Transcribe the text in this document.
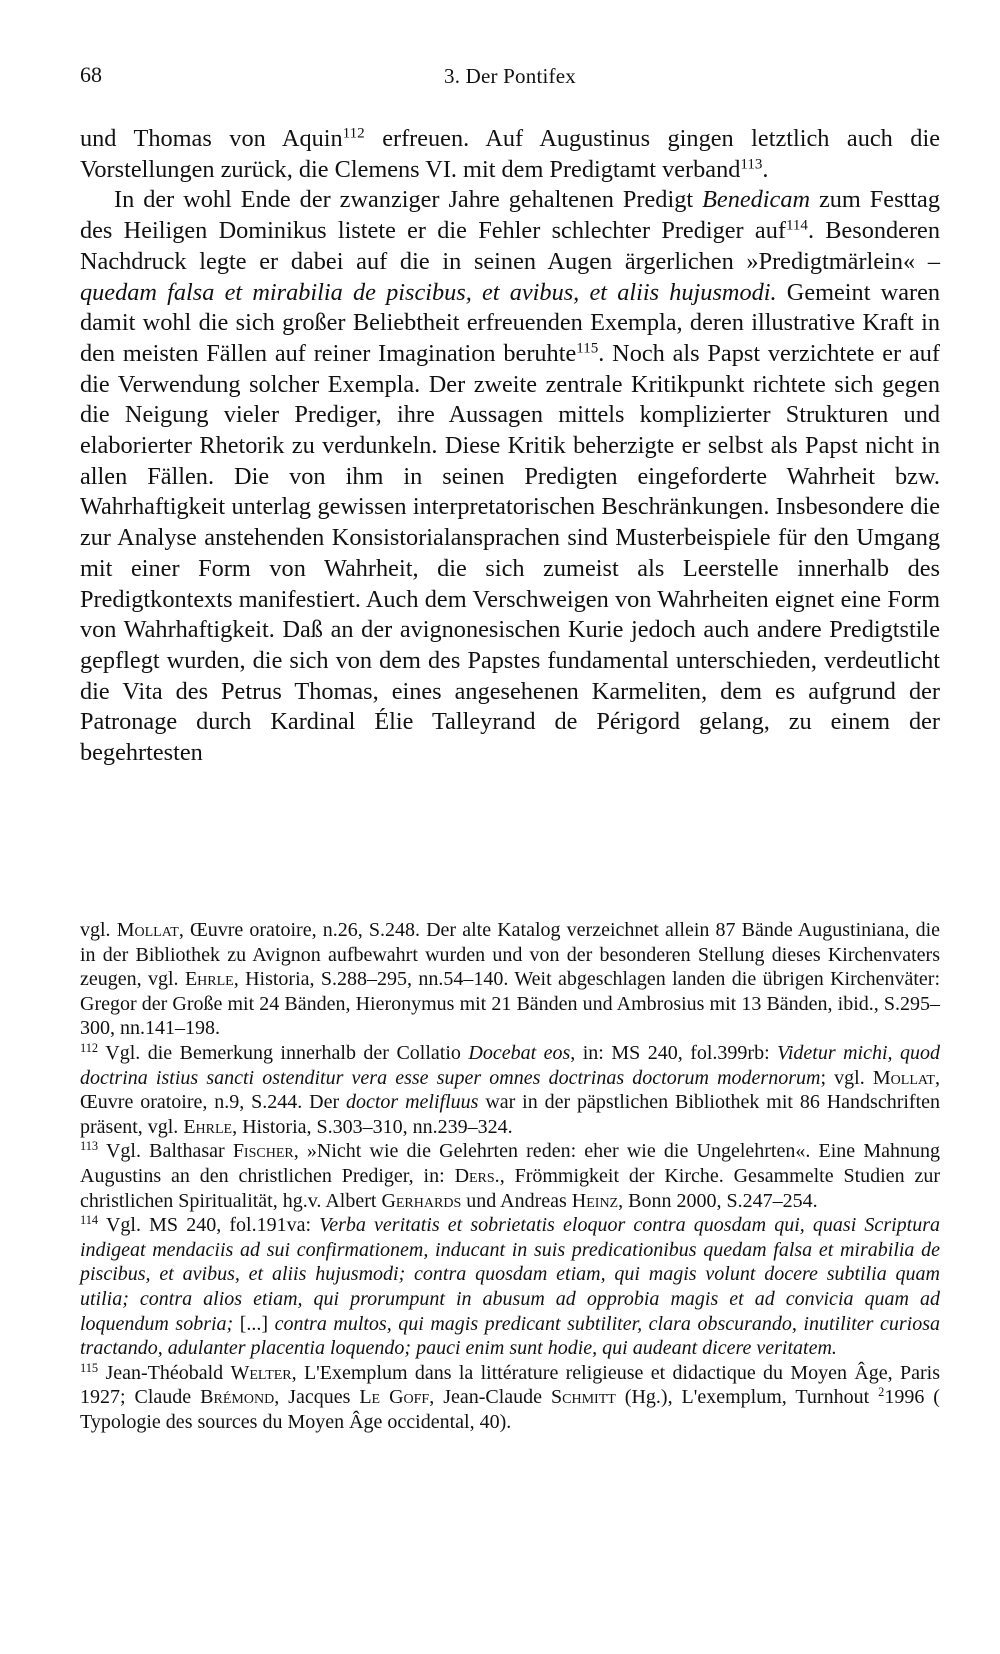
68	3. Der Pontifex

und Thomas von Aquin$^{112}$ erfreuen. Auf Augustinus gingen letztlich auch die Vorstellungen zurück, die Clemens VI. mit dem Predigtamt verband$^{113}$.

In der wohl Ende der zwanziger Jahre gehaltenen Predigt Benedicam zum Festtag des Heiligen Dominikus listete er die Fehler schlechter Prediger auf$^{114}$. Besonderen Nachdruck legte er dabei auf die in seinen Augen ärgerlichen »Predigtmärlein« – quedam falsa et mirabilia de piscibus, et avibus, et aliis hujusmodi. Gemeint waren damit wohl die sich großer Beliebtheit erfreuenden Exempla, deren illustrative Kraft in den meisten Fällen auf reiner Imagination beruhte$^{115}$. Noch als Papst verzichtete er auf die Verwendung solcher Exempla. Der zweite zentrale Kritikpunkt richtete sich gegen die Neigung vieler Prediger, ihre Aussagen mittels komplizierter Strukturen und elaborierter Rhetorik zu verdunkeln. Diese Kritik beherzigte er selbst als Papst nicht in allen Fällen. Die von ihm in seinen Predigten eingeforderte Wahrheit bzw. Wahrhaftigkeit unterlag gewissen interpretatorischen Beschränkungen. Insbesondere die zur Analyse anstehenden Konsistorialansprachen sind Musterbeispiele für den Umgang mit einer Form von Wahrheit, die sich zumeist als Leerstelle innerhalb des Predigtkontexts manifestiert. Auch dem Verschweigen von Wahrheiten eignet eine Form von Wahrhaftigkeit. Daß an der avignonesischen Kurie jedoch auch andere Predigtstile gepflegt wurden, die sich von dem des Papstes fundamental unterschieden, verdeutlicht die Vita des Petrus Thomas, eines angesehenen Karmeliten, dem es aufgrund der Patronage durch Kardinal Élie Talleyrand de Périgord gelang, zu einem der begehrtesten

vgl. Mollat, Œuvre oratoire, n.26, S.248. Der alte Katalog verzeichnet allein 87 Bände Augustiniana, die in der Bibliothek zu Avignon aufbewahrt wurden und von der besonderen Stellung dieses Kirchenvaters zeugen, vgl. Ehrle, Historia, S.288–295, nn.54–140. Weit abgeschlagen landen die übrigen Kirchenväter: Gregor der Große mit 24 Bänden, Hieronymus mit 21 Bänden und Ambrosius mit 13 Bänden, ibid., S.295–300, nn.141–198.

$^{112}$ Vgl. die Bemerkung innerhalb der Collatio Docebat eos, in: MS 240, fol.399rb: Videtur michi, quod doctrina istius sancti ostenditur vera esse super omnes doctrinas doctorum modernorum; vgl. Mollat, Œuvre oratoire, n.9, S.244. Der doctor melifluus war in der päpstlichen Bibliothek mit 86 Handschriften präsent, vgl. Ehrle, Historia, S.303–310, nn.239–324.

$^{113}$ Vgl. Balthasar Fischer, »Nicht wie die Gelehrten reden: eher wie die Ungelehrten«. Eine Mahnung Augustins an den christlichen Prediger, in: Ders., Frömmigkeit der Kirche. Gesammelte Studien zur christlichen Spiritualität, hg.v. Albert Gerhards und Andreas Heinz, Bonn 2000, S.247–254.

$^{114}$ Vgl. MS 240, fol.191va: Verba veritatis et sobrietatis eloquor contra quosdam qui, quasi Scriptura indigeat mendaciis ad sui confirmationem, inducant in suis predicationibus quedam falsa et mirabilia de piscibus, et avibus, et aliis hujusmodi; contra quosdam etiam, qui magis volunt docere subtilia quam utilia; contra alios etiam, qui prorumpunt in abusum ad opprobia magis et ad convicia quam ad loquendum sobria; [...] contra multos, qui magis predicant subtiliter, clara obscurando, inutiliter curiosa tractando, adulanter placentia loquendo; pauci enim sunt hodie, qui audeant dicere veritatem.

$^{115}$ Jean-Théobald Welter, L'Exemplum dans la littérature religieuse et didactique du Moyen Âge, Paris 1927; Claude Brémond, Jacques Le Goff, Jean-Claude Schmitt (Hg.), L'exemplum, Turnhout $^2$1996 ( Typologie des sources du Moyen Âge occidental, 40).
